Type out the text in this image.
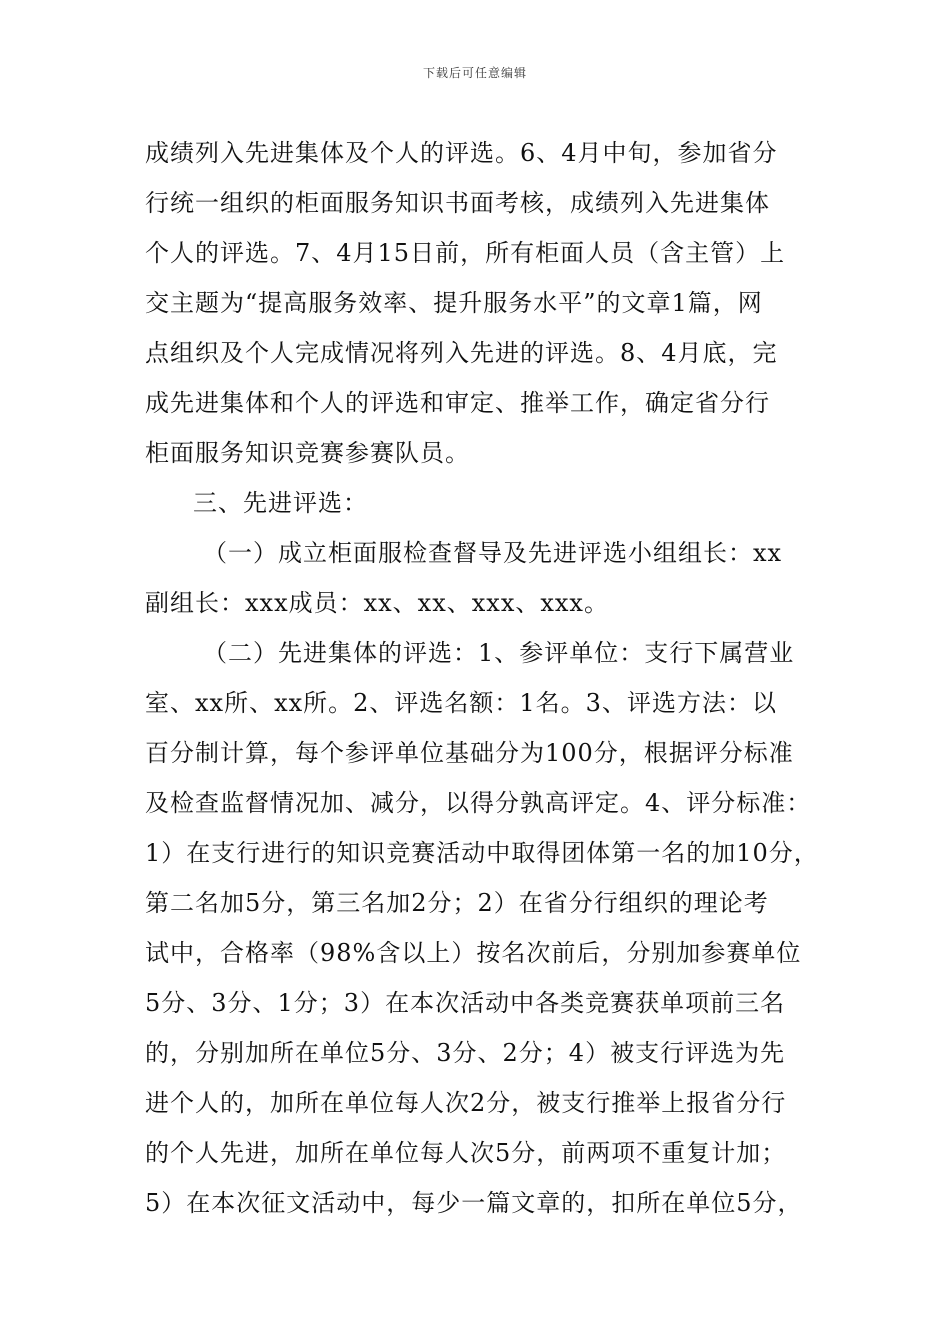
下载后可任意编辑
成绩列入先进集体及个人的评选。6、4月中旬，参加省分
行统一组织的柜面服务知识书面考核，成绩列入先进集体
个人的评选。7、4月15日前，所有柜面人员（含主管）上
交主题为“提高服务效率、提升服务水平”的文章1篇，网
点组织及个人完成情况将列入先进的评选。8、4月底，完
成先进集体和个人的评选和审定、推举工作，确定省分行
柜面服务知识竞赛参赛队员。
三、先进评选：
（一）成立柜面服检查督导及先进评选小组组长：xx
副组长：xxx成员：xx、xx、xxx、xxx。
（二）先进集体的评选：1、参评单位：支行下属营业
室、xx所、xx所。2、评选名额：1名。3、评选方法：以
百分制计算，每个参评单位基础分为100分，根据评分标准
及检查监督情况加、减分，以得分孰高评定。4、评分标准：
1）在支行进行的知识竞赛活动中取得团体第一名的加10分，
第二名加5分，第三名加2分；2）在省分行组织的理论考
试中，合格率（98%含以上）按名次前后，分别加参赛单位
5分、3分、1分；3）在本次活动中各类竞赛获单项前三名
的，分别加所在单位5分、3分、2分；4）被支行评选为先
进个人的，加所在单位每人次2分，被支行推举上报省分行
的个人先进，加所在单位每人次5分，前两项不重复计加；
5）在本次征文活动中，每少一篇文章的，扣所在单位5分，
